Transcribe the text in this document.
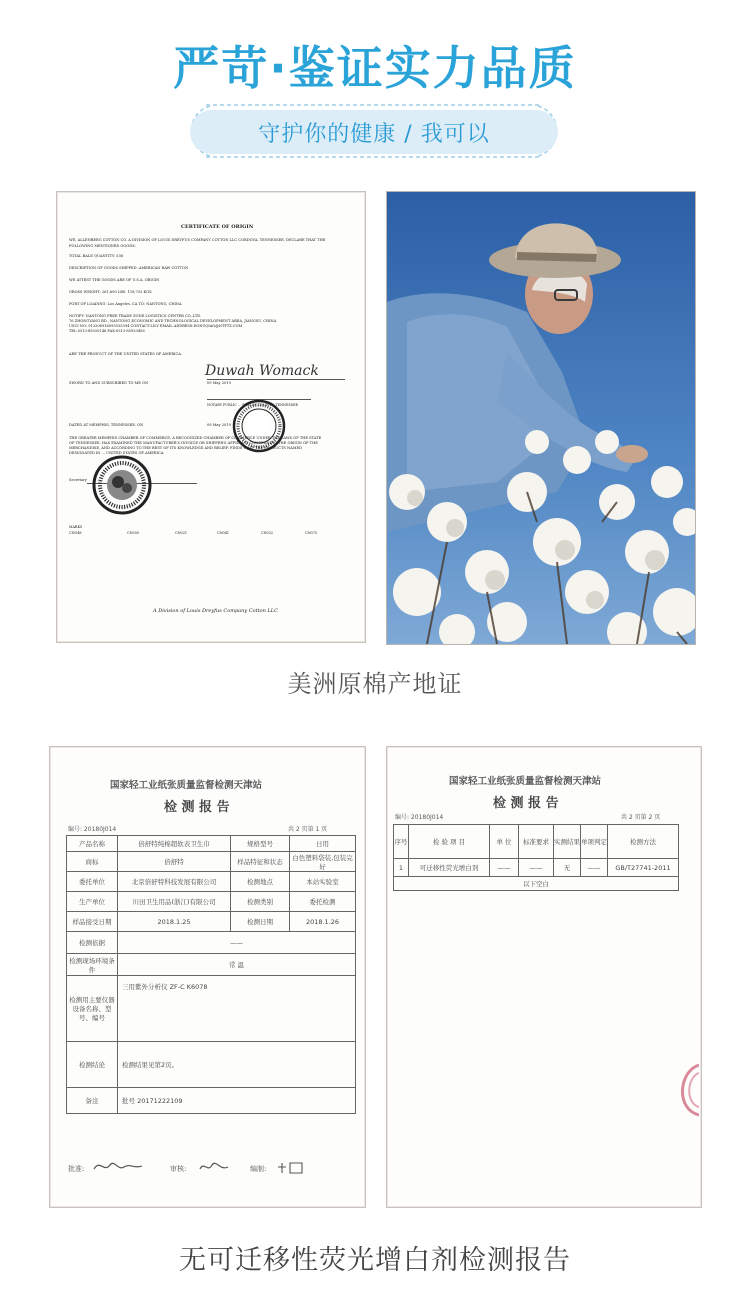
严苛·鉴证实力品质
守护你的健康 / 我可以
CERTIFICATE OF ORIGIN
WE, ALLENBERG COTTON CO. A DIVISION OF LOUIS DREYFUS COMPANY COTTON LLC CORDOVA, TENNESSEE, DECLARE THAT THE
FOLLOWING MENTIONED GOODS:
TOTAL BALE QUANTITY: 536
DESCRIPTION OF GOODS SHIPPED: AMERICAN RAW COTTON
WE ATTEST THE GOODS ARE OF U.S.A. ORIGIN
GROSS WEIGHT: 261,690 LBS. 118,703 KGS.
PORT OF LOADING: Los Angeles, CA TO: NANTONG, CHINA
NOTIFY: NANTONG FREE TRADE ZONE LOGISTICS CENTER CO.,LTD.
76 ZHONGYANG RD., NANTONG ECONOMIC AND TECHNOLOGICAL DEVELOPMENT AREA, JIANGSU, CHINA
USCI NO: 913206916093535394 CONTACT:LILY EMAIL ADDRESS:DONGQIAO@NTFTZ.COM
TEL:0513-85920146 FAX:0513-85920456
ARE THE PRODUCT OF THE UNITED STATES OF AMERICA.
Duwah Womack
SWORN TO AND SUBSCRIBED TO ME ON	09 May 2019
NOTARY PUBLIC ... SHELBY COUNTY, TENNESSEE
DATED AT MEMPHIS, TENNESSEE, ON	09 May 2019
THE GREATER MEMPHIS CHAMBER OF COMMERCE, A RECOGNIZED CHAMBER OF COMMERCE UNDER THE LAWS OF THE STATE
OF TENNESSEE, HAS EXAMINED THE MANUFACTURER'S INVOICE OR SHIPPER'S AFFIDAVIT CONCERNING THE ORIGIN OF THE
MERCHANDISE, AND ACCORDING TO THE BEST OF ITS KNOWLEDGE AND BELIEF, FINDS THAT THE PRODUCTS NAMED
DESIGNATED IN ... UNITED STATES OF AMERICA.
Secretary
MARKS
CNG48	CN050	CN021	CN041	CN032	CN075
A Division of Louis Dreyfus Company Cotton LLC
美洲原棉产地证
国家轻工业纸张质量监督检测天津站
检 测 报 告
编号: 20180J014	共 2 页第 1 页
产品名称	倍舒特纯棉超软表卫生巾	规格型号	日用
商标	倍舒特	样品特征和状态	白色塑料袋装,包装完好
委托单位	北京倍舒特科技发展有限公司	检测地点	本站实验室
生产单位	川田卫生用品(浙江)有限公司	检测类别	委托检测
样品接受日期	2018.1.25	检测日期	2018.1.26
检测依据	——		
检测现场环境条件	常 温		
检测用主要仪器设备名称、型号、编号	三用紫外分析仪 ZF-C K6078		
检测结论	检测结果见第2页。		
备注	批号 20171222109		
批准:	审核:	编制:
国家轻工业纸张质量监督检测天津站
检 测 报 告
编号: 20180J014	共 2 页第 2 页
序号	检 验 项 目	单 位	标准要求	实测结果	单项判定	检测方法
1	可迁移性荧光增白剂	——	——	无	——	GB/T27741-2011
以下空白						
无可迁移性荧光增白剂检测报告
